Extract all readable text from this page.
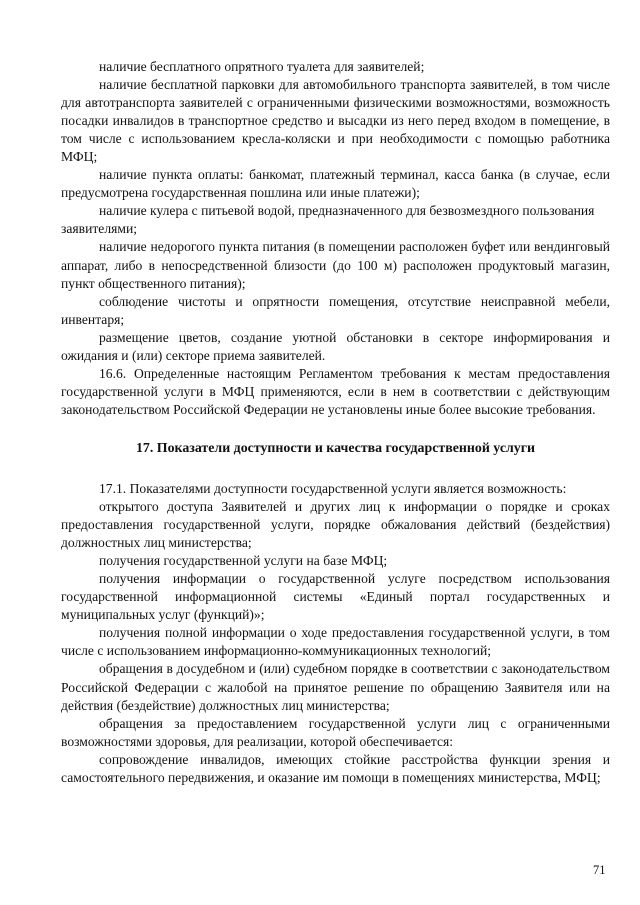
наличие бесплатного опрятного туалета для заявителей;

наличие бесплатной парковки для автомобильного транспорта заявителей, в том числе для автотранспорта заявителей с ограниченными физическими возможностями, возможность посадки инвалидов в транспортное средство и высадки из него перед входом в помещение, в том числе с использованием кресла-коляски и при необходимости с помощью работника МФЦ;

наличие пункта оплаты: банкомат, платежный терминал, касса банка (в случае, если предусмотрена государственная пошлина или иные платежи);

наличие кулера с питьевой водой, предназначенного для безвозмездного пользования заявителями;

наличие недорогого пункта питания (в помещении расположен буфет или вендинговый аппарат, либо в непосредственной близости (до 100 м) расположен продуктовый магазин, пункт общественного питания);

соблюдение чистоты и опрятности помещения, отсутствие неисправной мебели, инвентаря;

размещение цветов, создание уютной обстановки в секторе информирования и ожидания и (или) секторе приема заявителей.

16.6. Определенные настоящим Регламентом требования к местам предоставления государственной услуги в МФЦ применяются, если в нем в соответствии с действующим законодательством Российской Федерации не установлены иные более высокие требования.

17. Показатели доступности и качества государственной услуги

17.1. Показателями доступности государственной услуги является возможность:

открытого доступа Заявителей и других лиц к информации о порядке и сроках предоставления государственной услуги, порядке обжалования действий (бездействия) должностных лиц министерства;

получения государственной услуги на базе МФЦ;

получения информации о государственной услуге посредством использования государственной информационной системы «Единый портал государственных и муниципальных услуг (функций)»;

получения полной информации о ходе предоставления государственной услуги, в том числе с использованием информационно-коммуникационных технологий;

обращения в досудебном и (или) судебном порядке в соответствии с законодательством Российской Федерации с жалобой на принятое решение по обращению Заявителя или на действия (бездействие) должностных лиц министерства;

обращения за предоставлением государственной услуги лиц с ограниченными возможностями здоровья, для реализации, которой обеспечивается:

сопровождение инвалидов, имеющих стойкие расстройства функции зрения и самостоятельного передвижения, и оказание им помощи в помещениях министерства, МФЦ;

71
